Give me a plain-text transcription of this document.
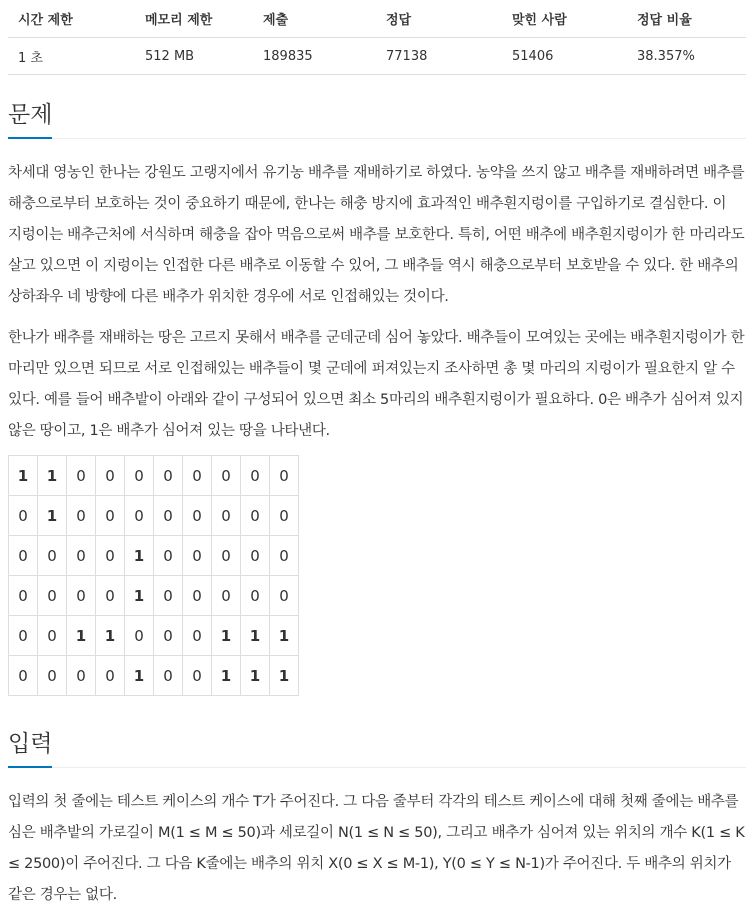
시간 제한	메모리 제한	제출	정답	맞힌 사람	정답 비율
1 초	512 MB	189835	77138	51406	38.357%
문제

차세대 영농인 한나는 강원도 고랭지에서 유기농 배추를 재배하기로 하였다. 농약을 쓰지 않고 배추를 재배하려면 배추를 해충으로부터 보호하는 것이 중요하기 때문에, 한나는 해충 방지에 효과적인 배추흰지렁이를 구입하기로 결심한다. 이 지렁이는 배추근처에 서식하며 해충을 잡아 먹음으로써 배추를 보호한다. 특히, 어떤 배추에 배추흰지렁이가 한 마리라도 살고 있으면 이 지렁이는 인접한 다른 배추로 이동할 수 있어, 그 배추들 역시 해충으로부터 보호받을 수 있다. 한 배추의 상하좌우 네 방향에 다른 배추가 위치한 경우에 서로 인접해있는 것이다.

한나가 배추를 재배하는 땅은 고르지 못해서 배추를 군데군데 심어 놓았다. 배추들이 모여있는 곳에는 배추흰지렁이가 한 마리만 있으면 되므로 서로 인접해있는 배추들이 몇 군데에 퍼져있는지 조사하면 총 몇 마리의 지렁이가 필요한지 알 수 있다. 예를 들어 배추밭이 아래와 같이 구성되어 있으면 최소 5마리의 배추흰지렁이가 필요하다. 0은 배추가 심어져 있지 않은 땅이고, 1은 배추가 심어져 있는 땅을 나타낸다.

1	1	0	0	0	0	0	0	0	0
0	1	0	0	0	0	0	0	0	0
0	0	0	0	1	0	0	0	0	0
0	0	0	0	1	0	0	0	0	0
0	0	1	1	0	0	0	1	1	1
0	0	0	0	1	0	0	1	1	1
입력

입력의 첫 줄에는 테스트 케이스의 개수 T가 주어진다. 그 다음 줄부터 각각의 테스트 케이스에 대해 첫째 줄에는 배추를 심은 배추밭의 가로길이 M(1 ≤ M ≤ 50)과 세로길이 N(1 ≤ N ≤ 50), 그리고 배추가 심어져 있는 위치의 개수 K(1 ≤ K ≤ 2500)이 주어진다. 그 다음 K줄에는 배추의 위치 X(0 ≤ X ≤ M-1), Y(0 ≤ Y ≤ N-1)가 주어진다. 두 배추의 위치가 같은 경우는 없다.
